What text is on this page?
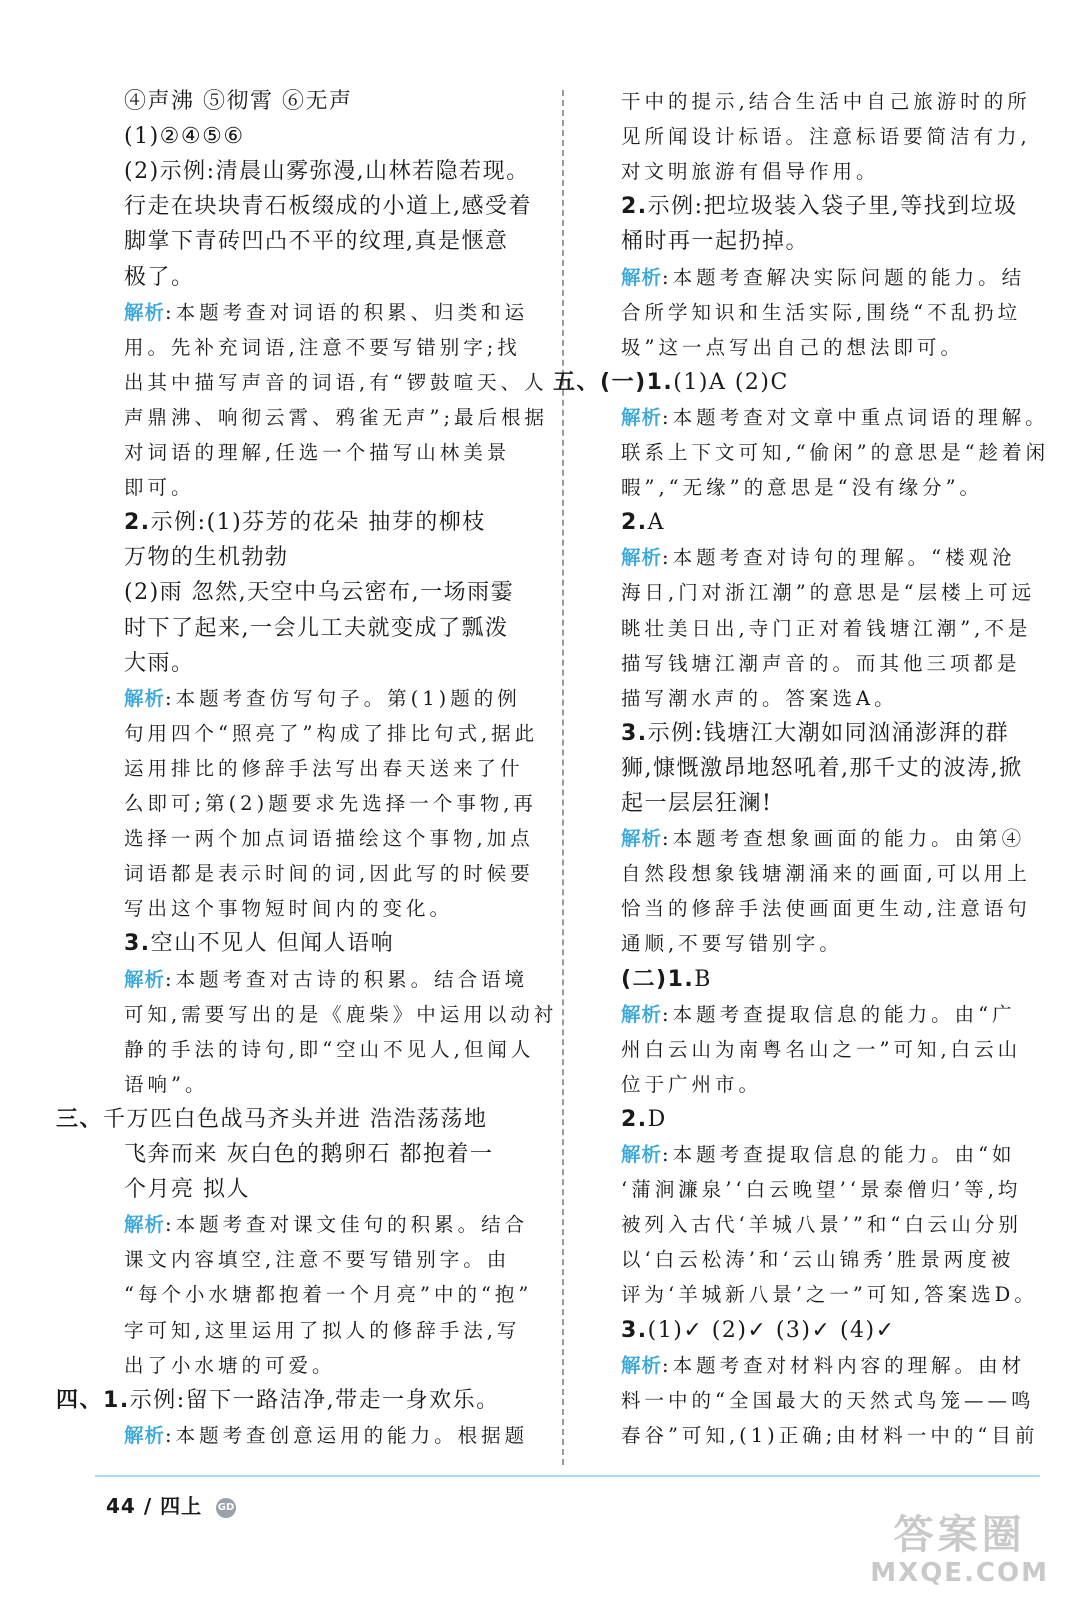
④声沸 ⑤彻霄 ⑥无声
(1)②④⑤⑥
(2)示例:清晨山雾弥漫,山林若隐若现。
行走在块块青石板缀成的小道上,感受着
脚掌下青砖凹凸不平的纹理,真是惬意
极了。
解析:本题考查对词语的积累、归类和运
用。先补充词语,注意不要写错别字;找
出其中描写声音的词语,有“锣鼓喧天、人
声鼎沸、响彻云霄、鸦雀无声”;最后根据
对词语的理解,任选一个描写山林美景
即可。
2.示例:(1)芬芳的花朵 抽芽的柳枝
万物的生机勃勃
(2)雨 忽然,天空中乌云密布,一场雨霎
时下了起来,一会儿工夫就变成了瓢泼
大雨。
解析:本题考查仿写句子。第(1)题的例
句用四个“照亮了”构成了排比句式,据此
运用排比的修辞手法写出春天送来了什
么即可;第(2)题要求先选择一个事物,再
选择一两个加点词语描绘这个事物,加点
词语都是表示时间的词,因此写的时候要
写出这个事物短时间内的变化。
3.空山不见人 但闻人语响
解析:本题考查对古诗的积累。结合语境
可知,需要写出的是《鹿柴》中运用以动衬
静的手法的诗句,即“空山不见人,但闻人
语响”。
三、千万匹白色战马齐头并进 浩浩荡荡地
飞奔而来 灰白色的鹅卵石 都抱着一
个月亮 拟人
解析:本题考查对课文佳句的积累。结合
课文内容填空,注意不要写错别字。由
“每个小水塘都抱着一个月亮”中的“抱”
字可知,这里运用了拟人的修辞手法,写
出了小水塘的可爱。
四、1.示例:留下一路洁净,带走一身欢乐。
解析:本题考查创意运用的能力。根据题
干中的提示,结合生活中自己旅游时的所
见所闻设计标语。注意标语要简洁有力,
对文明旅游有倡导作用。
2.示例:把垃圾装入袋子里,等找到垃圾
桶时再一起扔掉。
解析:本题考查解决实际问题的能力。结
合所学知识和生活实际,围绕“不乱扔垃
圾”这一点写出自己的想法即可。
五、(一)1.(1)A (2)C
解析:本题考查对文章中重点词语的理解。
联系上下文可知,“偷闲”的意思是“趁着闲
暇”,“无缘”的意思是“没有缘分”。
2.A
解析:本题考查对诗句的理解。“楼观沧
海日,门对浙江潮”的意思是“层楼上可远
眺壮美日出,寺门正对着钱塘江潮”,不是
描写钱塘江潮声音的。而其他三项都是
描写潮水声的。答案选A。
3.示例:钱塘江大潮如同汹涌澎湃的群
狮,慷慨激昂地怒吼着,那千丈的波涛,掀
起一层层狂澜!
解析:本题考查想象画面的能力。由第④
自然段想象钱塘潮涌来的画面,可以用上
恰当的修辞手法使画面更生动,注意语句
通顺,不要写错别字。
(二)1.B
解析:本题考查提取信息的能力。由“广
州白云山为南粤名山之一”可知,白云山
位于广州市。
2.D
解析:本题考查提取信息的能力。由“如
‘蒲涧濂泉’‘白云晚望’‘景泰僧归’等,均
被列入古代‘羊城八景’”和“白云山分别
以‘白云松涛’和‘云山锦秀’胜景两度被
评为‘羊城新八景’之一”可知,答案选D。
3.(1)✓ (2)✓ (3)✓ (4)✓
解析:本题考查对材料内容的理解。由材
料一中的“全国最大的天然式鸟笼——鸣
春谷”可知,(1)正确;由材料一中的“目前
44 / 四上 GD
答案圈
MXQE.COM
